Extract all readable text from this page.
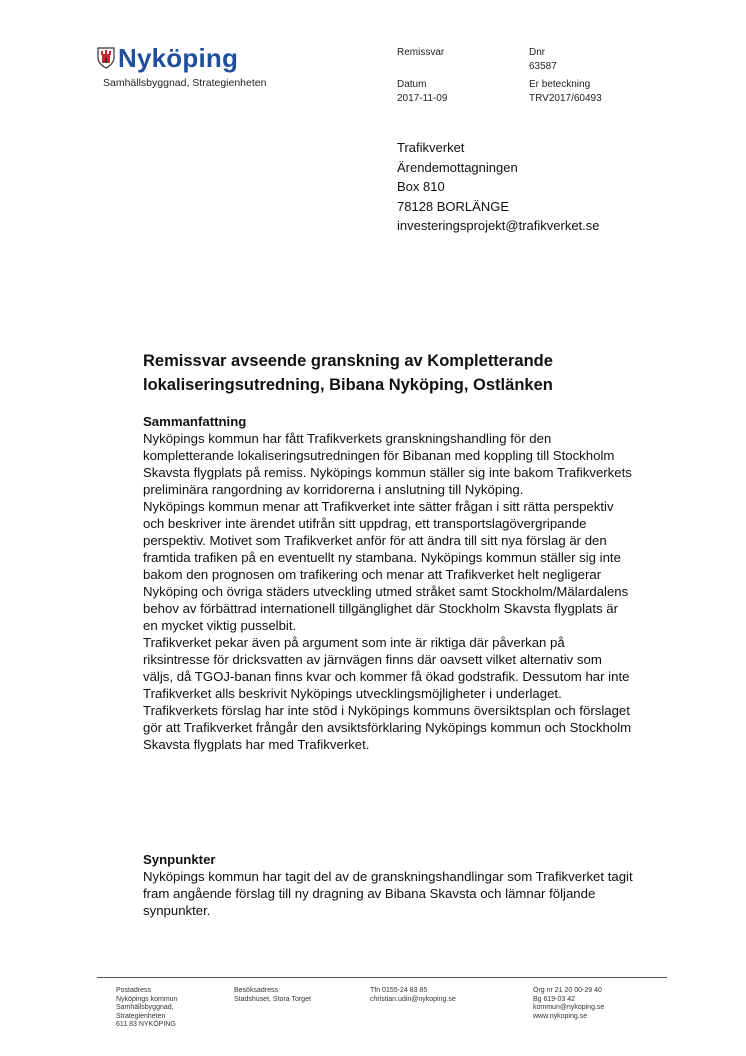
Nyköping
Samhällsbyggnad, Strategienheten
Remissvar	Dnr
63587
Datum	Er beteckning
2017-11-09	TRV2017/60493
Trafikverket
Ärendemottagningen
Box 810
78128 BORLÄNGE
investeringsprojekt@trafikverket.se
Remissvar avseende granskning av Kompletterande lokaliseringsutredning, Bibana Nyköping, Ostlänken
Sammanfattning

Nyköpings kommun har fått Trafikverkets granskningshandling för den kompletterande lokaliseringsutredningen för Bibanan med koppling till Stockholm Skavsta flygplats på remiss. Nyköpings kommun ställer sig inte bakom Trafikverkets preliminära rangordning av korridorerna i anslutning till Nyköping.

Nyköpings kommun menar att Trafikverket inte sätter frågan i sitt rätta perspektiv och beskriver inte ärendet utifrån sitt uppdrag, ett transportslagövergripande perspektiv. Motivet som Trafikverket anför för att ändra till sitt nya förslag är den framtida trafiken på en eventuellt ny stambana. Nyköpings kommun ställer sig inte bakom den prognosen om trafikering och menar att Trafikverket helt negligerar Nyköping och övriga städers utveckling utmed stråket samt Stockholm/Mälardalens behov av förbättrad internationell tillgänglighet där Stockholm Skavsta flygplats är en mycket viktig pusselbit.

Trafikverket pekar även på argument som inte är riktiga där påverkan på riksintresse för dricksvatten av järnvägen finns där oavsett vilket alternativ som väljs, då TGOJ-banan finns kvar och kommer få ökad godstrafik. Dessutom har inte Trafikverket alls beskrivit Nyköpings utvecklingsmöjligheter i underlaget.

Trafikverkets förslag har inte stöd i Nyköpings kommuns översiktsplan och förslaget gör att Trafikverket frångår den avsiktsförklaring Nyköpings kommun och Stockholm Skavsta flygplats har med Trafikverket.

Synpunkter

Nyköpings kommun har tagit del av de granskningshandlingar som Trafikverket tagit fram angående förslag till ny dragning av Bibana Skavsta och lämnar följande synpunkter.

Postadress
Nyköpings kommun
Samhällsbyggnad,
Strategienheten
611 83 NYKÖPING
Besöksadress
Stadshuset, Stora Torget
Tfn 0155-24 83 85
christian.udin@nykoping.se
Org nr 21 20 00-29 40
Bg 619-03 42
kommun@nykoping.se
www.nykoping.se
